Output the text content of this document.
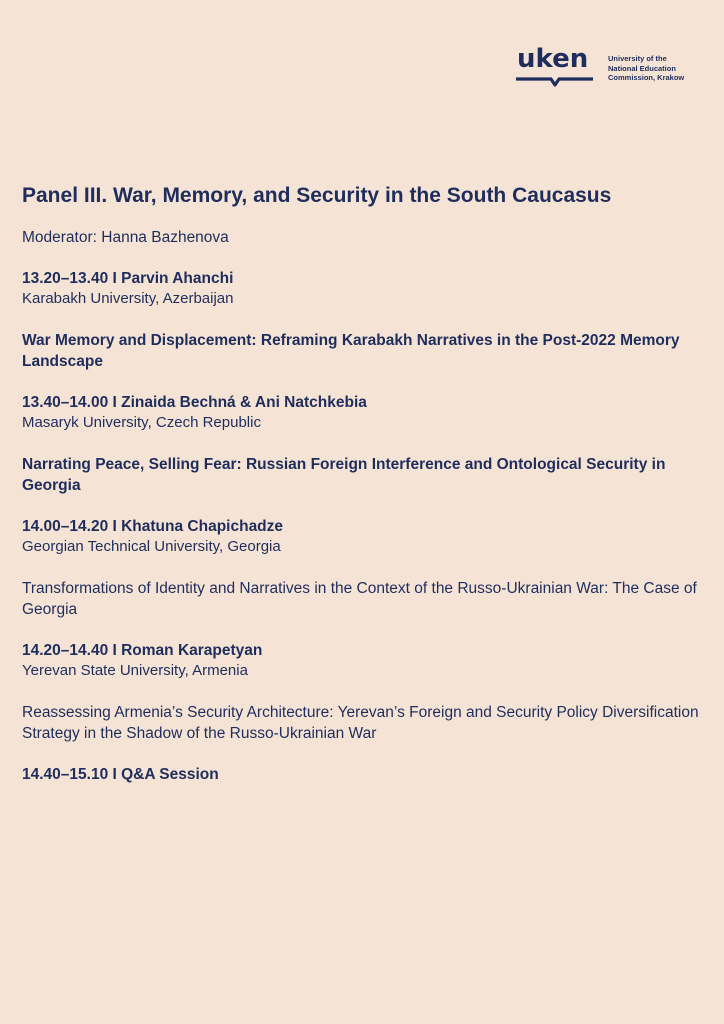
uken	University of the
National Education
Commission, Krakow
Panel III. War, Memory, and Security in the South Caucasus
Moderator: Hanna Bazhenova
13.20–13.40 I Parvin Ahanchi
Karabakh University, Azerbaijan
War Memory and Displacement: Reframing Karabakh Narratives in the Post-2022 Memory Landscape
13.40–14.00 I Zinaida Bechná & Ani Natchkebia
Masaryk University, Czech Republic
Narrating Peace, Selling Fear: Russian Foreign Interference and Ontological Security in Georgia
14.00–14.20 I Khatuna Chapichadze
Georgian Technical University, Georgia
Transformations of Identity and Narratives in the Context of the Russo-Ukrainian War: The Case of Georgia
14.20–14.40 I Roman Karapetyan
Yerevan State University, Armenia
Reassessing Armenia’s Security Architecture: Yerevan’s Foreign and Security Policy Diversification Strategy in the Shadow of the Russo-Ukrainian War
14.40–15.10 I Q&A Session
